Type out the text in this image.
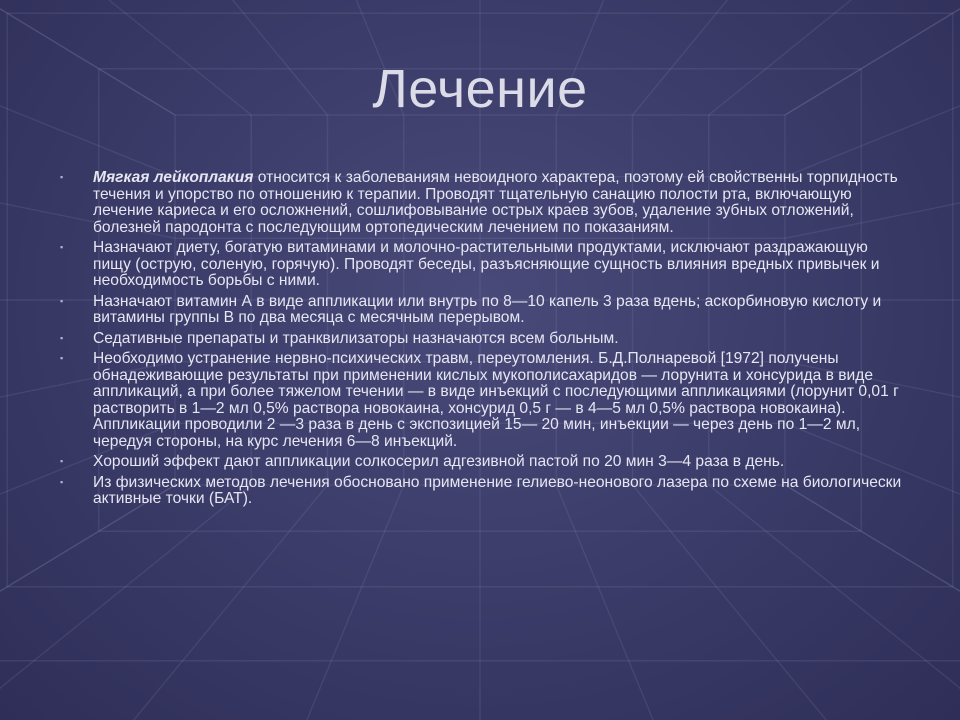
Лечение
▪ Мягкая лейкоплакия относится к заболеваниям невоидного характера, поэтому ей свойственны торпидность течения и упорство по отношению к терапии. Проводят тщательную санацию полости рта, включающую лечение кариеса и его осложнений, сошлифовывание острых краев зубов, удаление зубных отложений, болезней пародонта с последующим ортопедическим лечением по показаниям.
▪ Назначают диету, богатую витаминами и молочно-растительными продуктами, исключают раздражающую пищу (острую, соленую, горячую). Проводят беседы, разъясняющие сущность влияния вредных привычек и необходимость борьбы с ними.
▪ Назначают витамин А в виде аппликации или внутрь по 8—10 капель 3 раза вдень; аскорбиновую кислоту и витамины группы В по два месяца с месячным перерывом.
▪ Седативные препараты и транквилизаторы назначаются всем больным.
▪ Необходимо устранение нервно-психических травм, переутомления. Б.Д.Полнаревой [1972] получены обнадеживающие результаты при применении кислых мукополисахаридов — лорунита и хонсурида в виде аппликаций, а при более тяжелом течении — в виде инъекций с последующими аппликациями (лорунит 0,01 г растворить в 1—2 мл 0,5% раствора новокаина, хонсурид 0,5 г — в 4—5 мл 0,5% раствора новокаина). Аппликации проводили 2 —3 раза в день с экспозицией 15— 20 мин, инъекции — через день по 1—2 мл, чередуя стороны, на курс лечения 6—8 инъекций.
▪ Хороший эффект дают аппликации солкосерил адгезивной пастой по 20 мин 3—4 раза в день.
▪ Из физических методов лечения обосновано применение гелиево-неонового лазера по схеме на биологически активные точки (БАТ).
